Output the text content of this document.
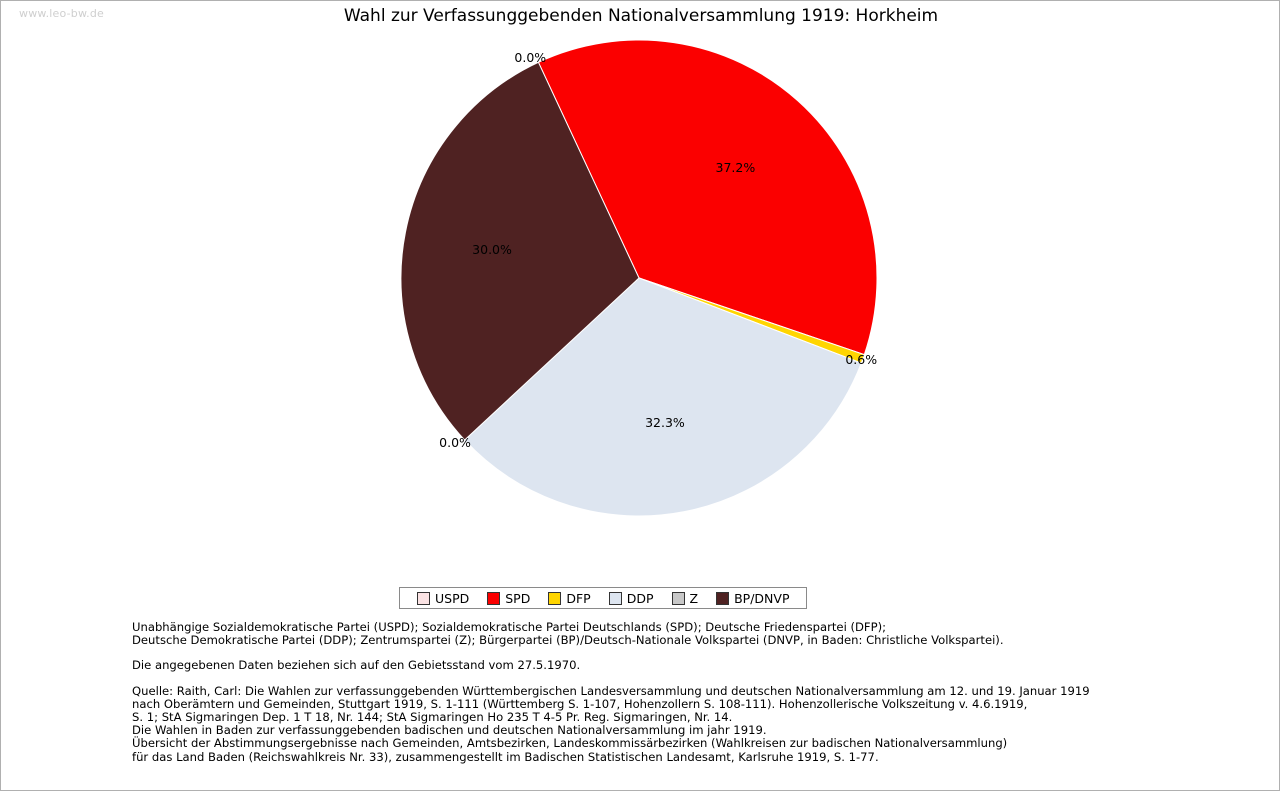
www.leo-bw.de	Wahl zur Verfassunggebenden Nationalversammlung 1919: Horkheim
0.0%
37.2%
0.6%
32.3%
0.0%
30.0%
USPD	SPD	DFP	DDP	Z	BP/DNVP
Unabhängige Sozialdemokratische Partei (USPD); Sozialdemokratische Partei Deutschlands (SPD); Deutsche Friedenspartei (DFP);
Deutsche Demokratische Partei (DDP); Zentrumspartei (Z); Bürgerpartei (BP)/Deutsch-Nationale Volkspartei (DNVP, in Baden: Christliche Volkspartei).
Die angegebenen Daten beziehen sich auf den Gebietsstand vom 27.5.1970.
Quelle: Raith, Carl: Die Wahlen zur verfassunggebenden Württembergischen Landesversammlung und deutschen Nationalversammlung am 12. und 19. Januar 1919
nach Oberämtern und Gemeinden, Stuttgart 1919, S. 1-111 (Württemberg S. 1-107, Hohenzollern S. 108-111). Hohenzollerische Volkszeitung v. 4.6.1919,
S. 1; StA Sigmaringen Dep. 1 T 18, Nr. 144; StA Sigmaringen Ho 235 T 4-5 Pr. Reg. Sigmaringen, Nr. 14.
Die Wahlen in Baden zur verfassunggebenden badischen und deutschen Nationalversammlung im jahr 1919.
Übersicht der Abstimmungsergebnisse nach Gemeinden, Amtsbezirken, Landeskommissärbezirken (Wahlkreisen zur badischen Nationalversammlung)
für das Land Baden (Reichswahlkreis Nr. 33), zusammengestellt im Badischen Statistischen Landesamt, Karlsruhe 1919, S. 1-77.
